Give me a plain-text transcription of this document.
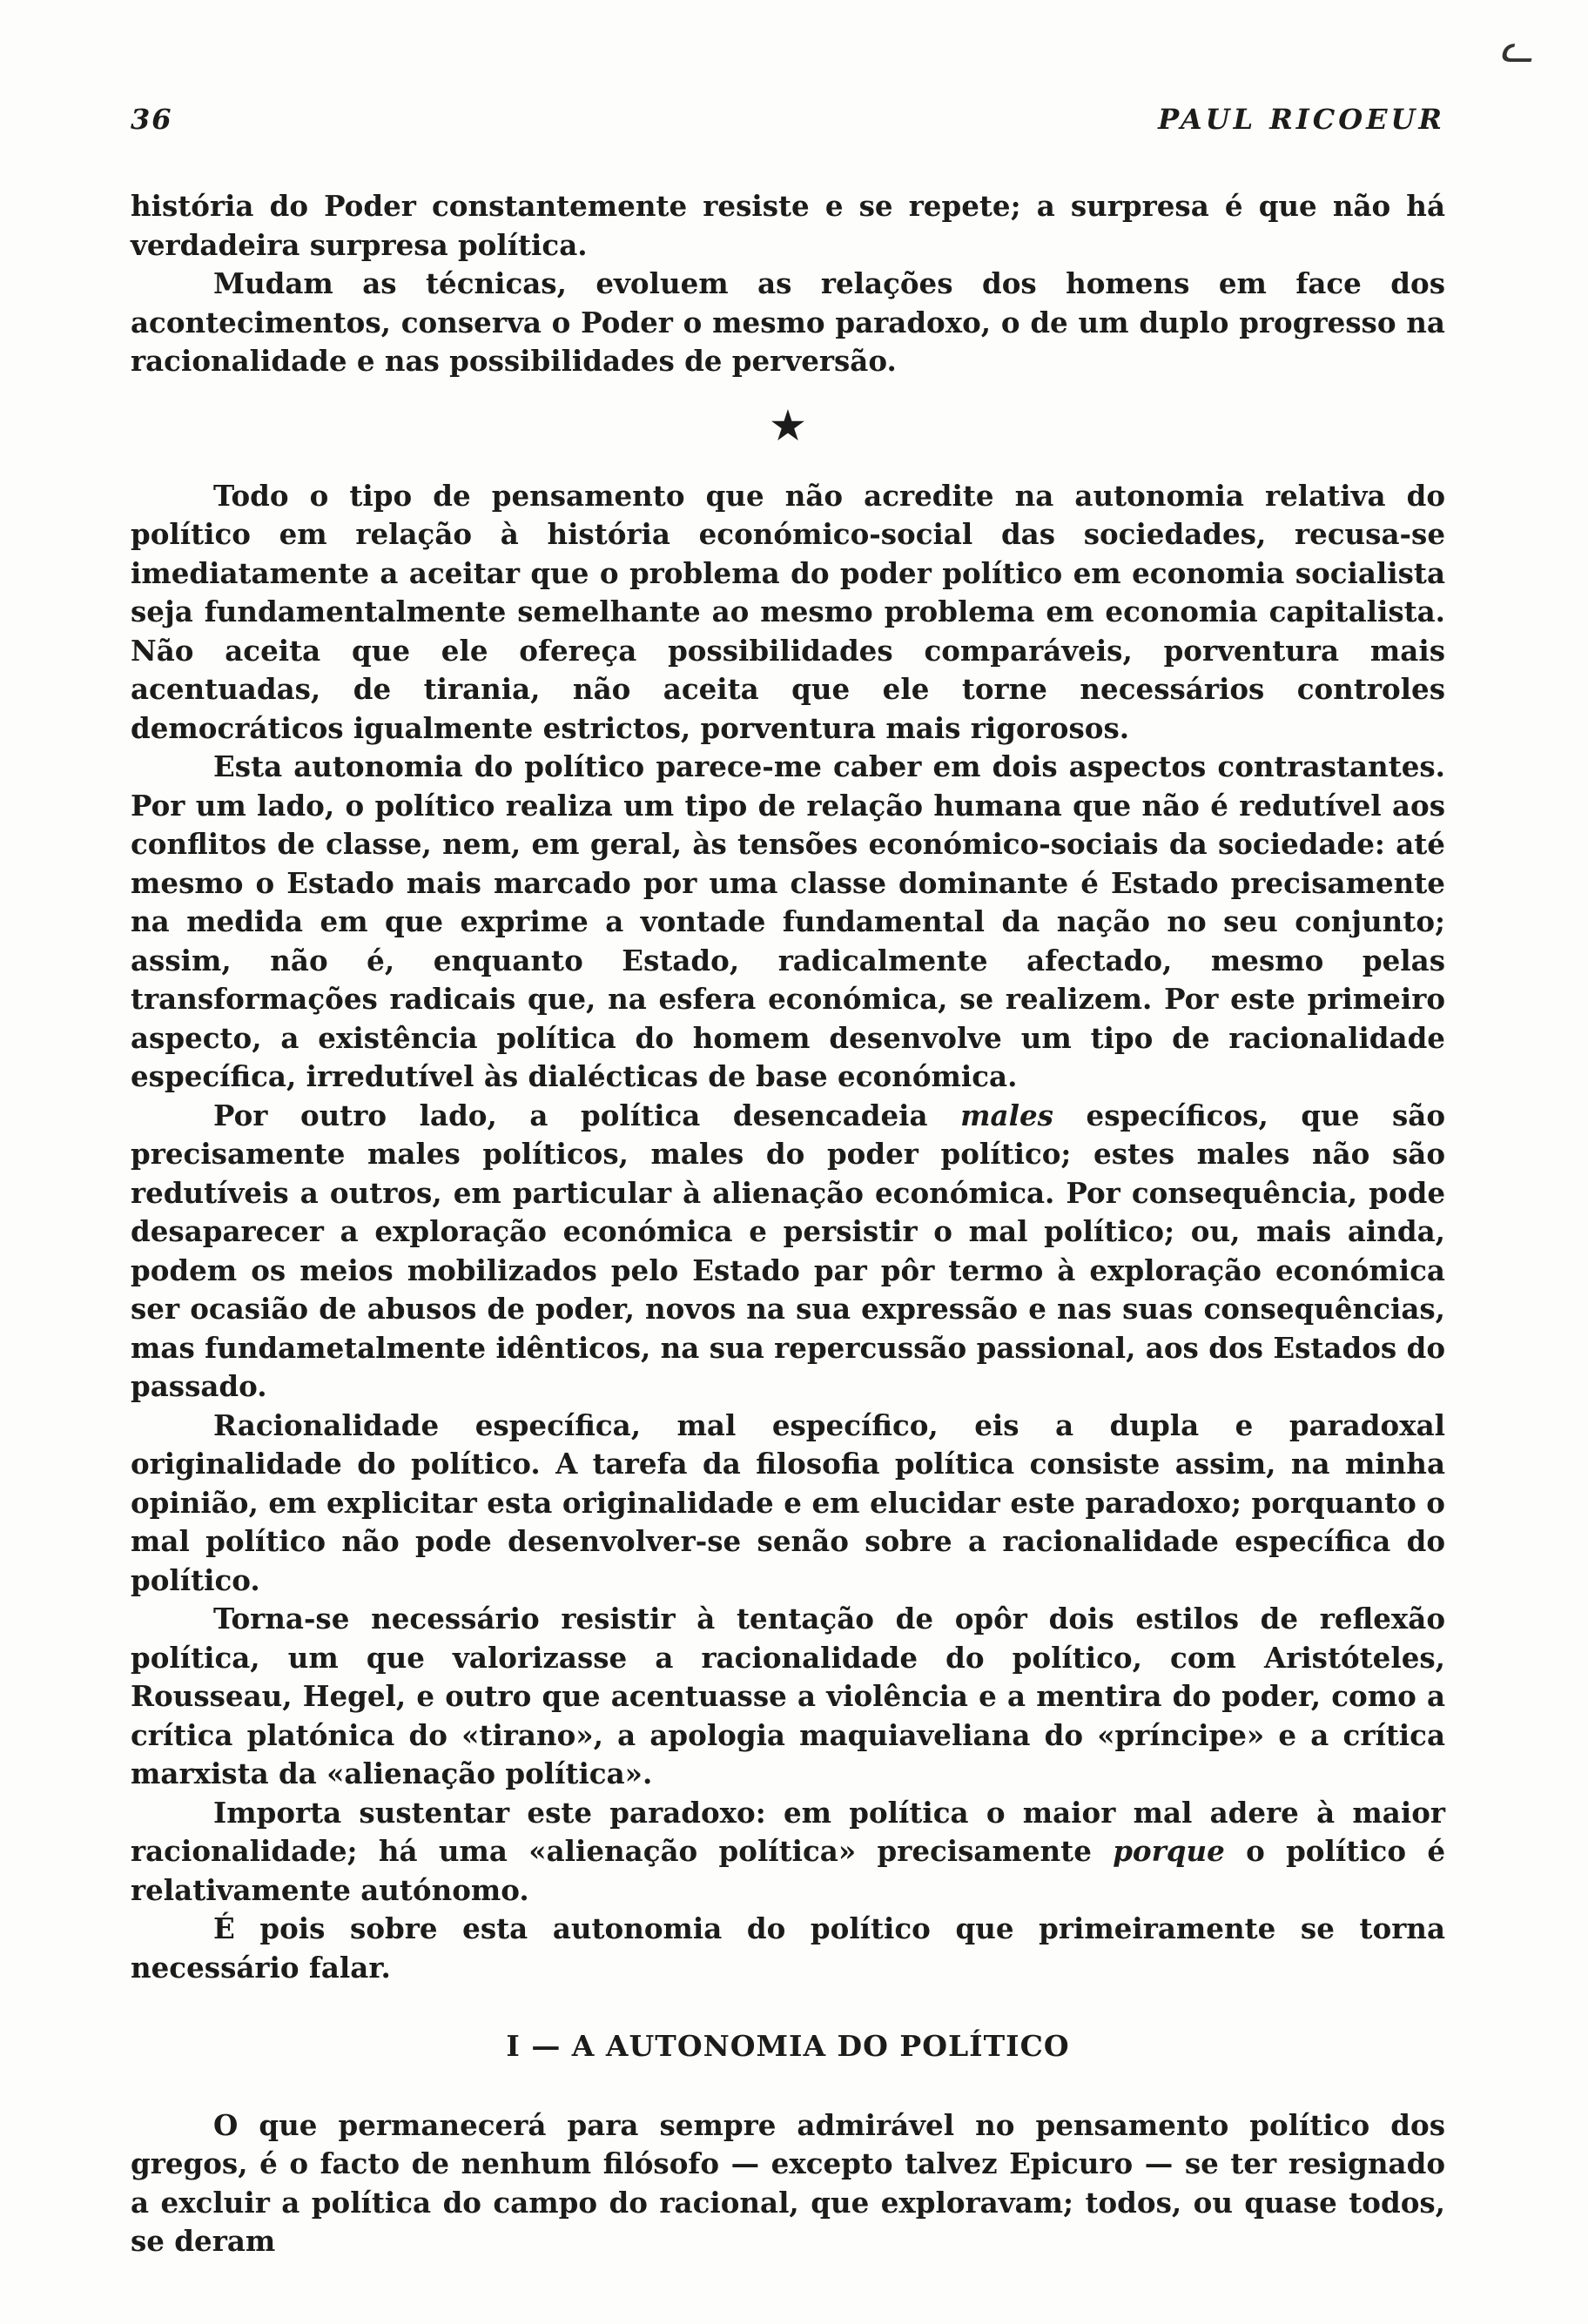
ᓚ
36	PAUL RICOEUR

história do Poder constantemente resiste e se repete; a surpresa é que não há verdadeira surpresa política.

Mudam as técnicas, evoluem as relações dos homens em face dos acontecimentos, conserva o Poder o mesmo paradoxo, o de um duplo progresso na racionalidade e nas possibilidades de perversão.

★

Todo o tipo de pensamento que não acredite na autonomia relativa do político em relação à história económico-social das sociedades, recusa-se imediatamente a aceitar que o problema do poder político em economia socialista seja fundamentalmente semelhante ao mesmo problema em economia capitalista. Não aceita que ele ofereça possibilidades comparáveis, porventura mais acentuadas, de tirania, não aceita que ele torne necessários controles democráticos igualmente estrictos, porventura mais rigorosos.

Esta autonomia do político parece-me caber em dois aspectos contrastantes. Por um lado, o político realiza um tipo de relação humana que não é redutível aos conflitos de classe, nem, em geral, às tensões económico-sociais da sociedade: até mesmo o Estado mais marcado por uma classe dominante é Estado precisamente na medida em que exprime a vontade fundamental da nação no seu conjunto; assim, não é, enquanto Estado, radicalmente afectado, mesmo pelas transformações radicais que, na esfera económica, se realizem. Por este primeiro aspecto, a existência política do homem desenvolve um tipo de racionalidade específica, irredutível às dialécticas de base económica.

Por outro lado, a política desencadeia males específicos, que são precisamente males políticos, males do poder político; estes males não são redutíveis a outros, em particular à alienação económica. Por consequência, pode desaparecer a exploração económica e persistir o mal político; ou, mais ainda, podem os meios mobilizados pelo Estado par pôr termo à exploração económica ser ocasião de abusos de poder, novos na sua expressão e nas suas consequências, mas fundametalmente idênticos, na sua repercussão passional, aos dos Estados do passado.

Racionalidade específica, mal específico, eis a dupla e paradoxal originalidade do político. A tarefa da filosofia política consiste assim, na minha opinião, em explicitar esta originalidade e em elucidar este paradoxo; porquanto o mal político não pode desenvolver-se senão sobre a racionalidade específica do político.

Torna-se necessário resistir à tentação de opôr dois estilos de reflexão política, um que valorizasse a racionalidade do político, com Aristóteles, Rousseau, Hegel, e outro que acentuasse a violência e a mentira do poder, como a crítica platónica do «tirano», a apologia maquiaveliana do «príncipe» e a crítica marxista da «alienação política».

Importa sustentar este paradoxo: em política o maior mal adere à maior racionalidade; há uma «alienação política» precisamente porque o político é relativamente autónomo.

É pois sobre esta autonomia do político que primeiramente se torna necessário falar.

I — A AUTONOMIA DO POLÍTICO

O que permanecerá para sempre admirável no pensamento político dos gregos, é o facto de nenhum filósofo — excepto talvez Epicuro — se ter resignado a excluir a política do campo do racional, que exploravam; todos, ou quase todos, se deram
